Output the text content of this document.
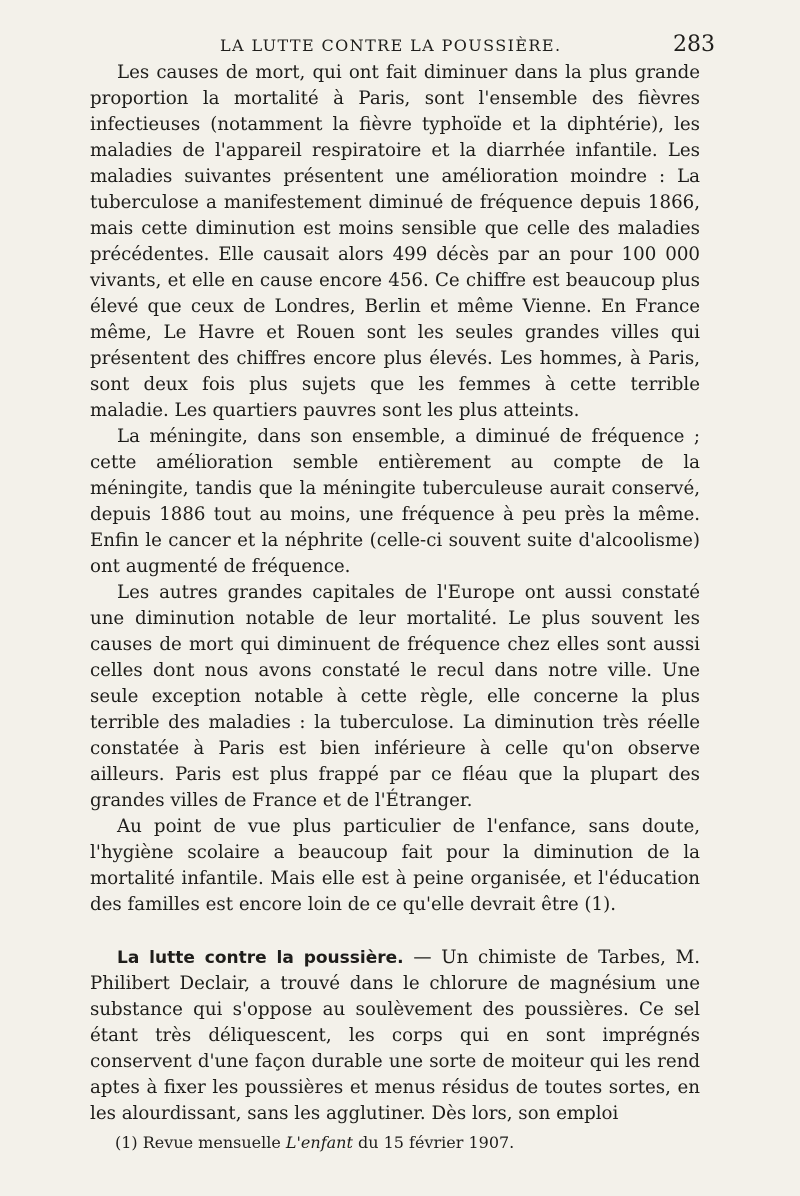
LA LUTTE CONTRE LA POUSSIÈRE.	283

Les causes de mort, qui ont fait diminuer dans la plus grande proportion la mortalité à Paris, sont l'ensemble des fièvres infectieuses (notamment la fièvre typhoïde et la diphtérie), les maladies de l'appareil respiratoire et la diarrhée infantile. Les maladies suivantes présentent une amélioration moindre : La tuberculose a manifestement diminué de fréquence depuis 1866, mais cette diminution est moins sensible que celle des maladies précédentes. Elle causait alors 499 décès par an pour 100 000 vivants, et elle en cause encore 456. Ce chiffre est beaucoup plus élevé que ceux de Londres, Berlin et même Vienne. En France même, Le Havre et Rouen sont les seules grandes villes qui présentent des chiffres encore plus élevés. Les hommes, à Paris, sont deux fois plus sujets que les femmes à cette terrible maladie. Les quartiers pauvres sont les plus atteints.

La méningite, dans son ensemble, a diminué de fréquence ; cette amélioration semble entièrement au compte de la méningite, tandis que la méningite tuberculeuse aurait conservé, depuis 1886 tout au moins, une fréquence à peu près la même. Enfin le cancer et la néphrite (celle-ci souvent suite d'alcoolisme) ont augmenté de fréquence.

Les autres grandes capitales de l'Europe ont aussi constaté une diminution notable de leur mortalité. Le plus souvent les causes de mort qui diminuent de fréquence chez elles sont aussi celles dont nous avons constaté le recul dans notre ville. Une seule exception notable à cette règle, elle concerne la plus terrible des maladies : la tuberculose. La diminution très réelle constatée à Paris est bien inférieure à celle qu'on observe ailleurs. Paris est plus frappé par ce fléau que la plupart des grandes villes de France et de l'Étranger.

Au point de vue plus particulier de l'enfance, sans doute, l'hygiène scolaire a beaucoup fait pour la diminution de la mortalité infantile. Mais elle est à peine organisée, et l'éducation des familles est encore loin de ce qu'elle devrait être (1).

La lutte contre la poussière. — Un chimiste de Tarbes, M. Philibert Declair, a trouvé dans le chlorure de magnésium une substance qui s'oppose au soulèvement des poussières. Ce sel étant très déliquescent, les corps qui en sont imprégnés conservent d'une façon durable une sorte de moiteur qui les rend aptes à fixer les poussières et menus résidus de toutes sortes, en les alourdissant, sans les agglutiner. Dès lors, son emploi

(1) Revue mensuelle L'enfant du 15 février 1907.
